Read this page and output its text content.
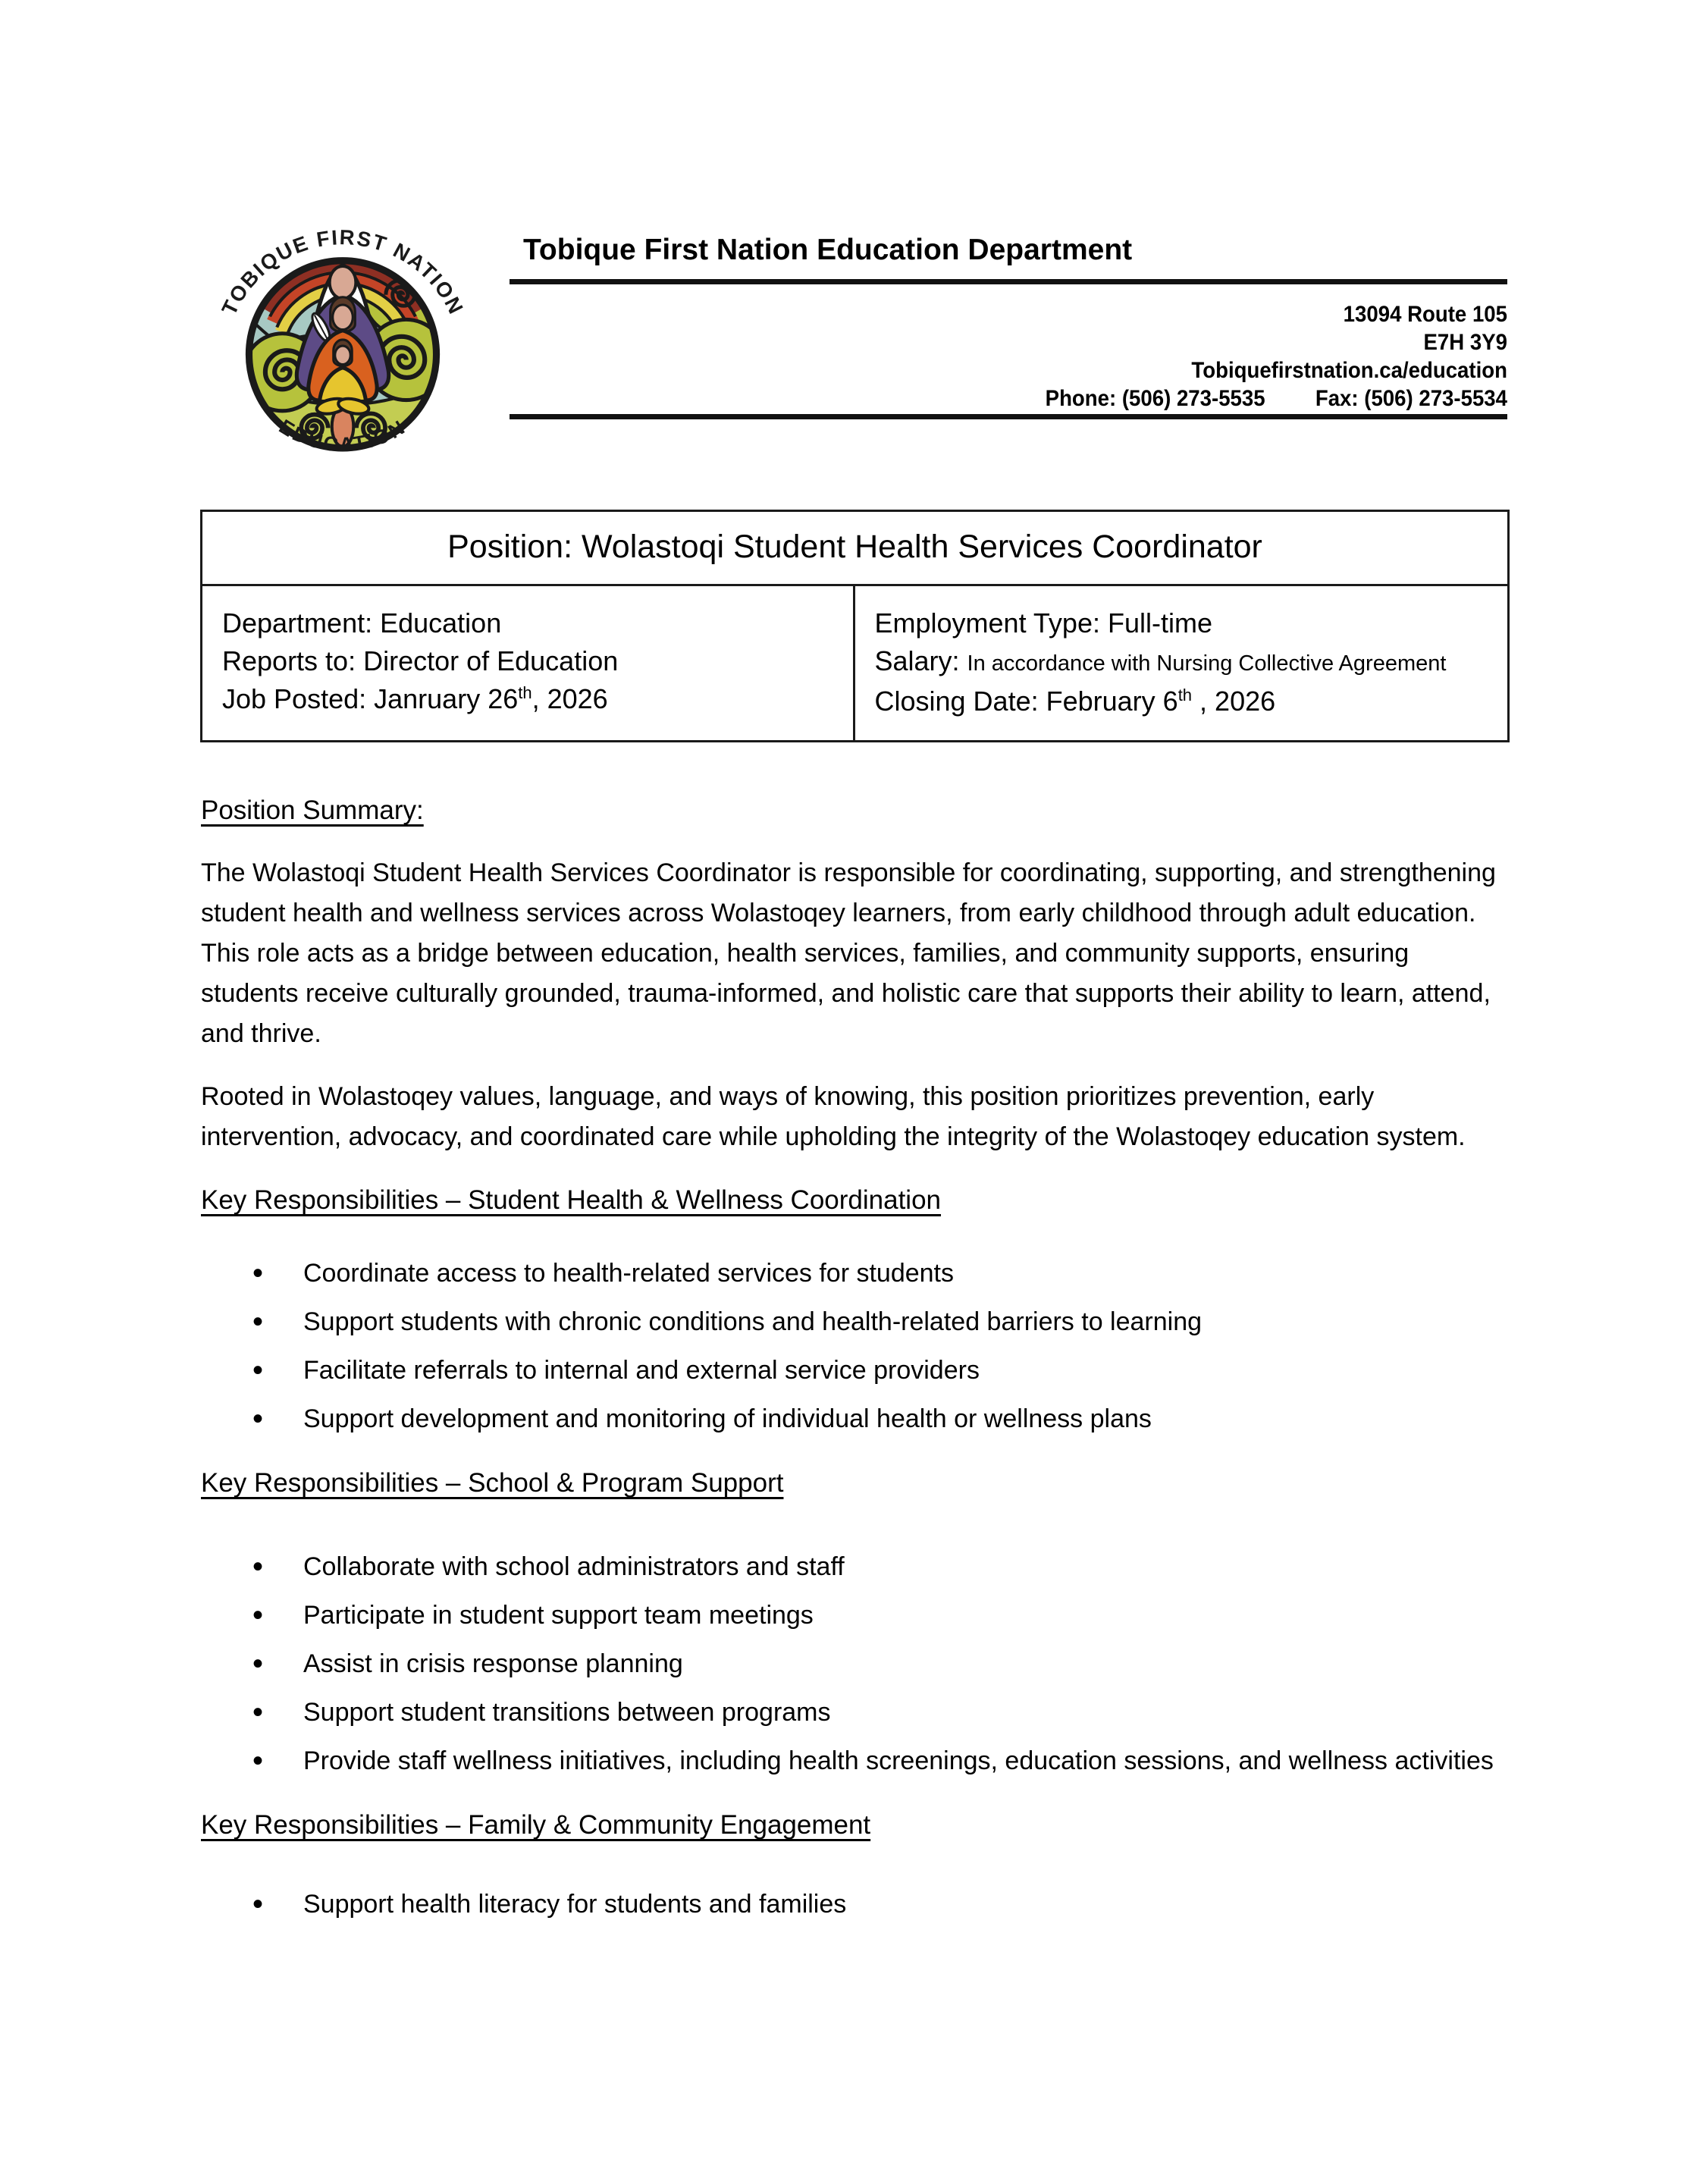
TOBIQUE FIRST NATION
EDUCATION
Tobique First Nation Education Department
13094 Route 105
E7H 3Y9
Tobiquefirstnation.ca/education
Phone: (506) 273-5535 Fax: (506) 273-5534
Position: Wolastoqi Student Health Services Coordinator
Department: Education
Reports to: Director of Education
Job Posted: Janruary 26th, 2026
Employment Type: Full-time
Salary: In accordance with Nursing Collective Agreement
Closing Date: February 6th , 2026
Position Summary:

The Wolastoqi Student Health Services Coordinator is responsible for coordinating, supporting, and strengthening student health and wellness services across Wolastoqey learners, from early childhood through adult education. This role acts as a bridge between education, health services, families, and community supports, ensuring students receive culturally grounded, trauma-informed, and holistic care that supports their ability to learn, attend, and thrive.

Rooted in Wolastoqey values, language, and ways of knowing, this position prioritizes prevention, early intervention, advocacy, and coordinated care while upholding the integrity of the Wolastoqey education system.

Key Responsibilities – Student Health & Wellness Coordination
• Coordinate access to health-related services for students
• Support students with chronic conditions and health-related barriers to learning
• Facilitate referrals to internal and external service providers
• Support development and monitoring of individual health or wellness plans
Key Responsibilities – School & Program Support
• Collaborate with school administrators and staff
• Participate in student support team meetings
• Assist in crisis response planning
• Support student transitions between programs
• Provide staff wellness initiatives, including health screenings, education sessions, and wellness activities
Key Responsibilities – Family & Community Engagement
• Support health literacy for students and families
